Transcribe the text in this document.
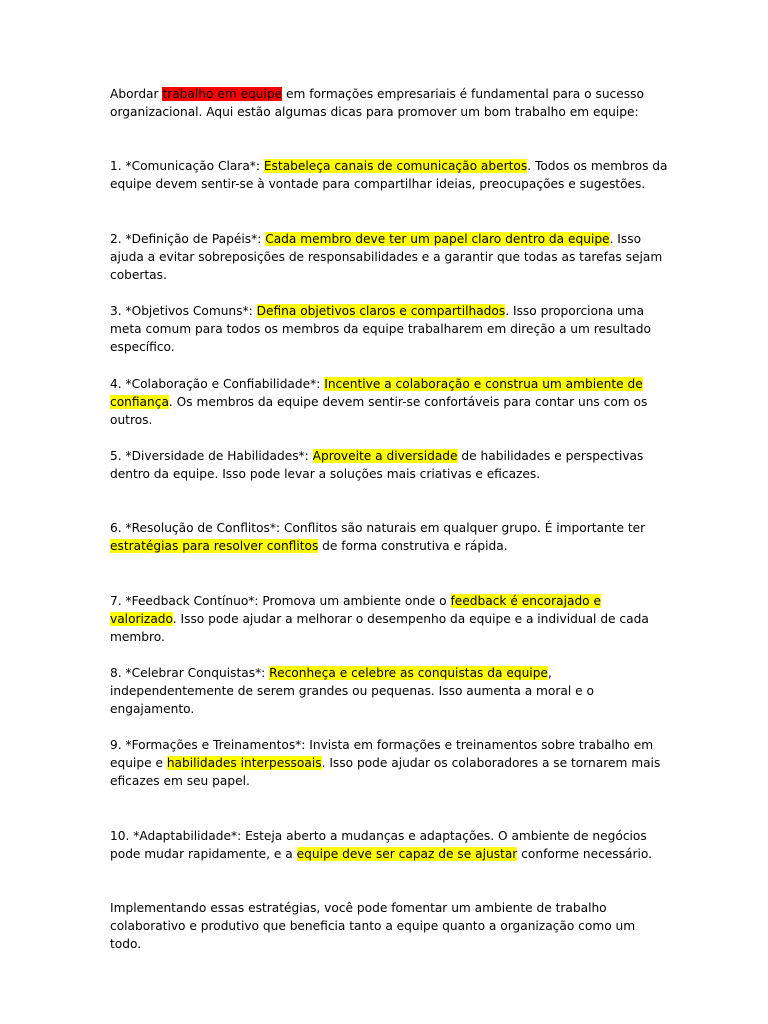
Abordar trabalho em equipe em formações empresariais é fundamental para o sucesso organizacional. Aqui estão algumas dicas para promover um bom trabalho em equipe:

1. *Comunicação Clara*: Estabeleça canais de comunicação abertos. Todos os membros da equipe devem sentir-se à vontade para compartilhar ideias, preocupações e sugestões.

2. *Definição de Papéis*: Cada membro deve ter um papel claro dentro da equipe. Isso ajuda a evitar sobreposições de responsabilidades e a garantir que todas as tarefas sejam cobertas.

3. *Objetivos Comuns*: Defina objetivos claros e compartilhados. Isso proporciona uma meta comum para todos os membros da equipe trabalharem em direção a um resultado específico.

4. *Colaboração e Confiabilidade*: Incentive a colaboração e construa um ambiente de confiança. Os membros da equipe devem sentir-se confortáveis para contar uns com os outros.

5. *Diversidade de Habilidades*: Aproveite a diversidade de habilidades e perspectivas dentro da equipe. Isso pode levar a soluções mais criativas e eficazes.

6. *Resolução de Conflitos*: Conflitos são naturais em qualquer grupo. É importante ter estratégias para resolver conflitos de forma construtiva e rápida.

7. *Feedback Contínuo*: Promova um ambiente onde o feedback é encorajado e valorizado. Isso pode ajudar a melhorar o desempenho da equipe e a individual de cada membro.

8. *Celebrar Conquistas*: Reconheça e celebre as conquistas da equipe, independentemente de serem grandes ou pequenas. Isso aumenta a moral e o engajamento.

9. *Formações e Treinamentos*: Invista em formações e treinamentos sobre trabalho em equipe e habilidades interpessoais. Isso pode ajudar os colaboradores a se tornarem mais eficazes em seu papel.

10. *Adaptabilidade*: Esteja aberto a mudanças e adaptações. O ambiente de negócios pode mudar rapidamente, e a equipe deve ser capaz de se ajustar conforme necessário.

Implementando essas estratégias, você pode fomentar um ambiente de trabalho colaborativo e produtivo que beneficia tanto a equipe quanto a organização como um todo.
